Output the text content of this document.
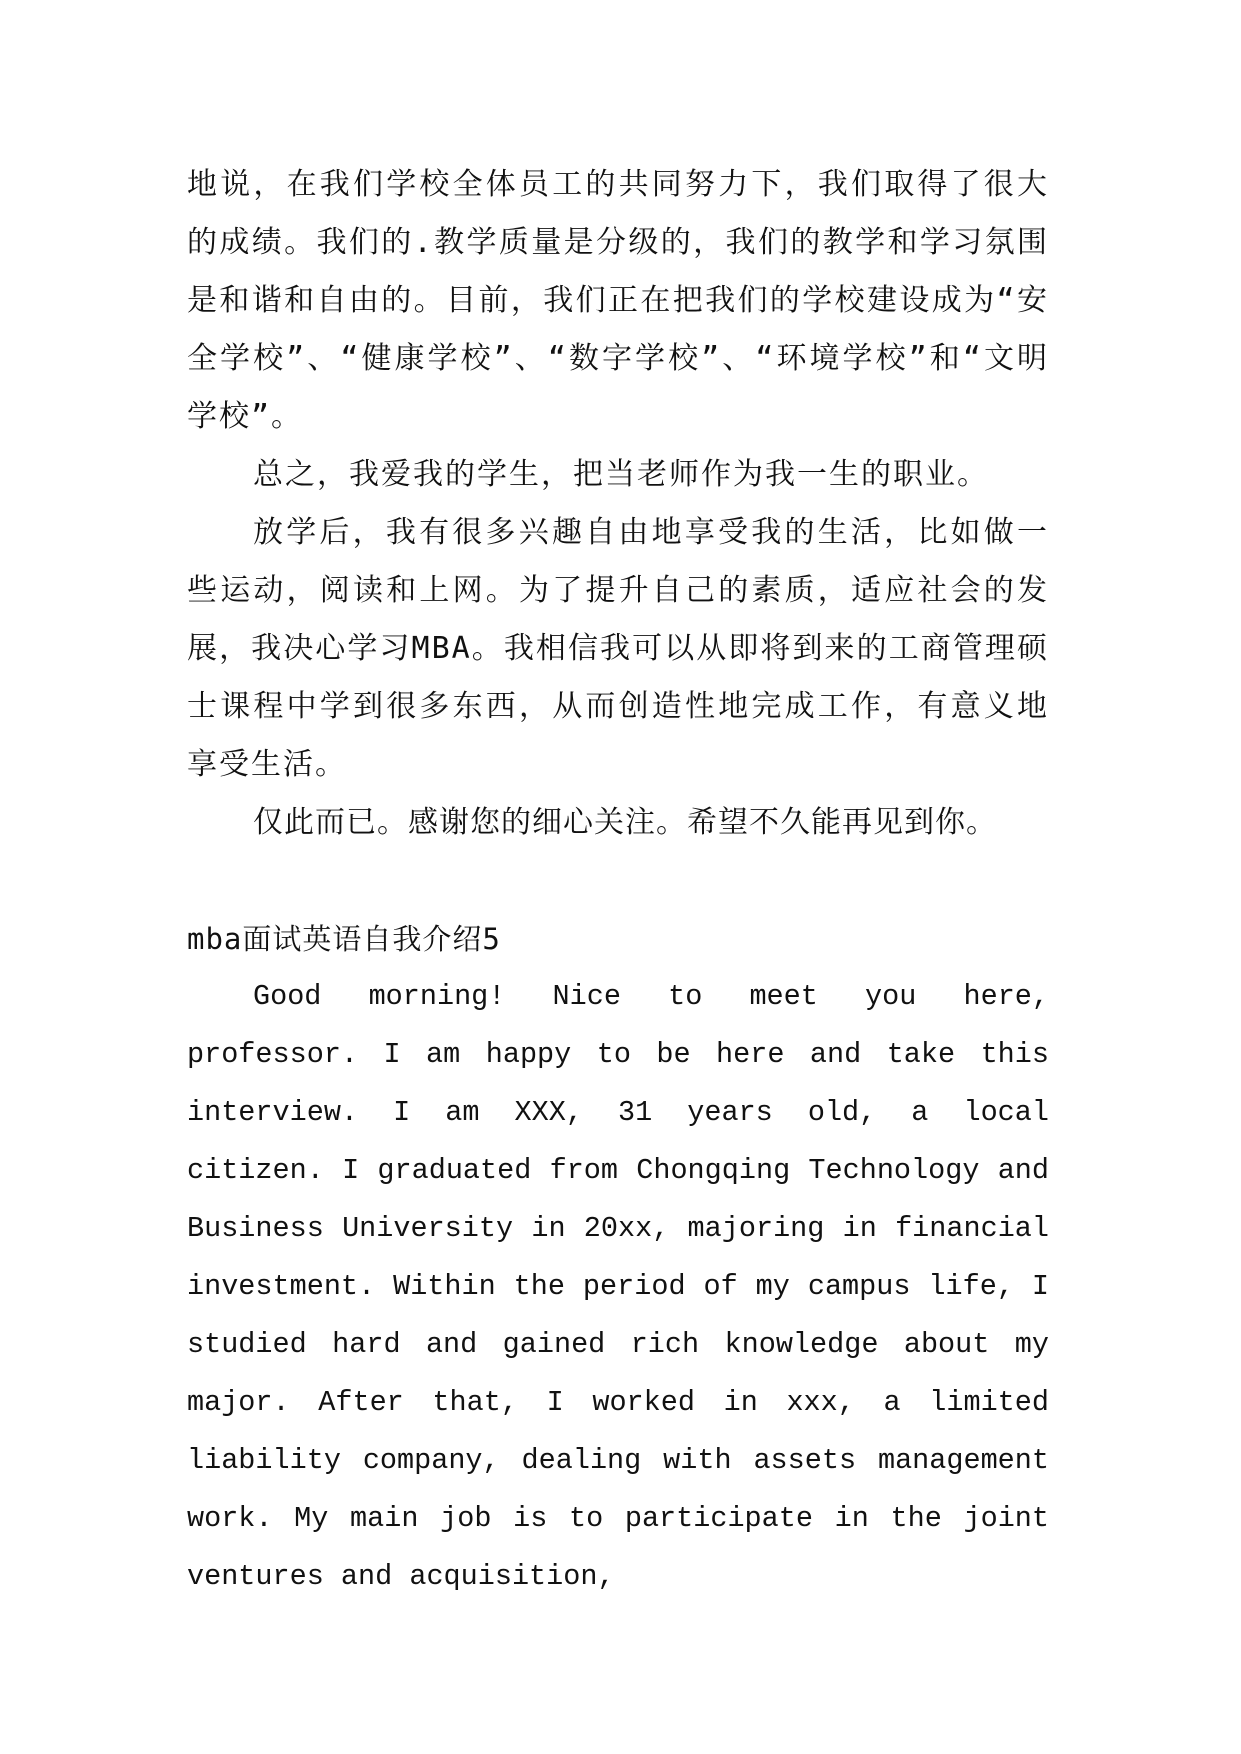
地说，在我们学校全体员工的共同努力下，我们取得了很大的成绩。我们的.教学质量是分级的，我们的教学和学习氛围是和谐和自由的。目前，我们正在把我们的学校建设成为“安全学校”、“健康学校”、“数字学校”、“环境学校”和“文明学校”。

总之，我爱我的学生，把当老师作为我一生的职业。

放学后，我有很多兴趣自由地享受我的生活，比如做一些运动，阅读和上网。为了提升自己的素质，适应社会的发展，我决心学习MBA。我相信我可以从即将到来的工商管理硕士课程中学到很多东西，从而创造性地完成工作，有意义地享受生活。

仅此而已。感谢您的细心关注。希望不久能再见到你。

mba面试英语自我介绍5

Good morning! Nice to meet you here, professor. I am happy to be here and take this interview. I am XXX, 31 years old, a local citizen. I graduated from Chongqing Technology and Business University in 20xx, majoring in financial investment. Within the period of my campus life, I studied hard and gained rich knowledge about my major. After that, I worked in xxx, a limited liability company, dealing with assets management work. My main job is to participate in the joint ventures and acquisition,
